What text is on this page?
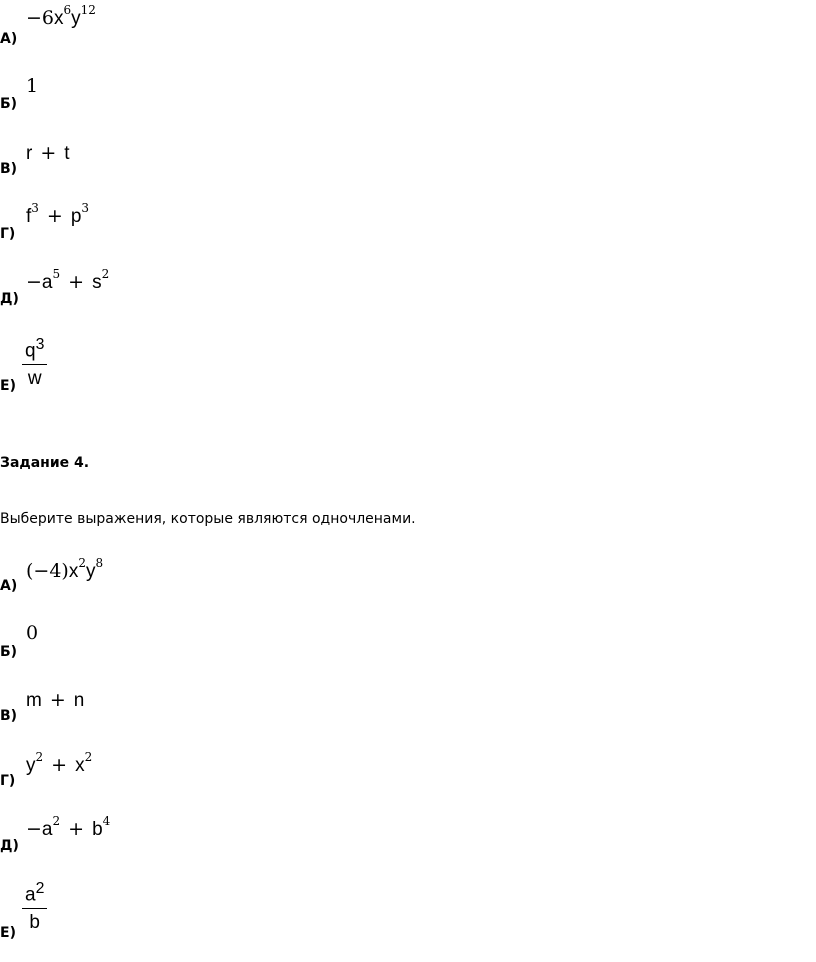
А)
$-6x^6y^{12}$
Б)
1
В)
r + t
Г)
$f^3 + p^3$
Д)
$-a^5 + s^2$
$Е) \frac{q^3}{w}$
Задание 4.
Выберите выражения, которые являются одночленами.
А)
$(-4)x^2y^8$
Б)
0
В)
m + n
Г)
$y^2 + x^2$
Д)
$-a^2 + b^4$
$Е) \frac{a^2}{b}$
